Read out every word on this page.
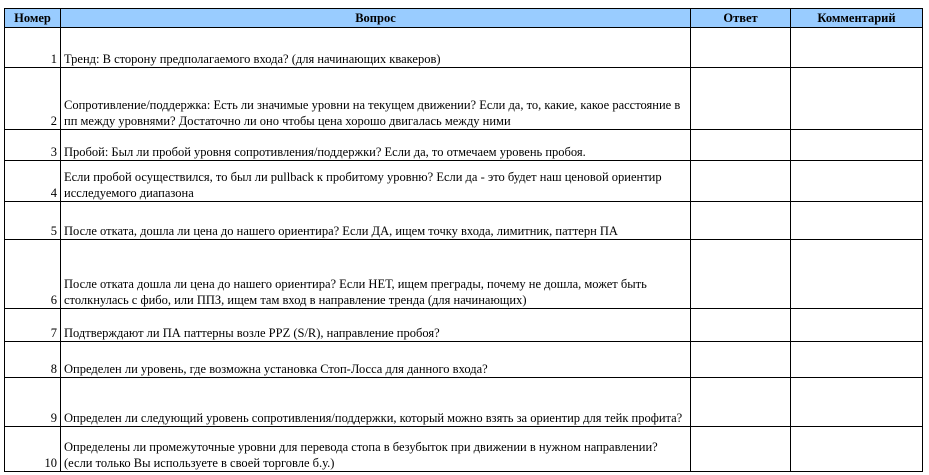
Номер	Вопрос	Ответ	Комментарий
1	Тренд: В сторону предполагаемого входа? (для начинающих квакеров)		
2	Сопротивление/поддержка: Есть ли значимые уровни на текущем движении? Если да, то, какие, какое расстояние в пп между уровнями? Достаточно ли оно чтобы цена хорошо двигалась между ними		
3	Пробой: Был ли пробой уровня сопротивления/поддержки? Если да, то отмечаем уровень пробоя.		
4	Если пробой осуществился, то был ли pullback к пробитому уровню? Если да - это будет наш ценовой ориентир исследуемого диапазона		
5	После отката, дошла ли цена до нашего ориентира? Если ДА, ищем точку входа, лимитник, паттерн ПА		
6	После отката дошла ли цена до нашего ориентира? Если НЕТ, ищем преграды, почему не дошла, может быть столкнулась с фибо, или ППЗ, ищем там вход в направление тренда (для начинающих)		
7	Подтверждают ли ПА паттерны возле PPZ (S/R), направление пробоя?		
8	Определен ли уровень, где возможна установка Стоп-Лосса для данного входа?		
9	Определен ли следующий уровень сопротивления/поддержки, который можно взять за ориентир для тейк профита?		
10	Определены ли промежуточные уровни для перевода стопа в безубыток при движении в нужном направлении? (если только Вы используете в своей торговле б.у.)		
